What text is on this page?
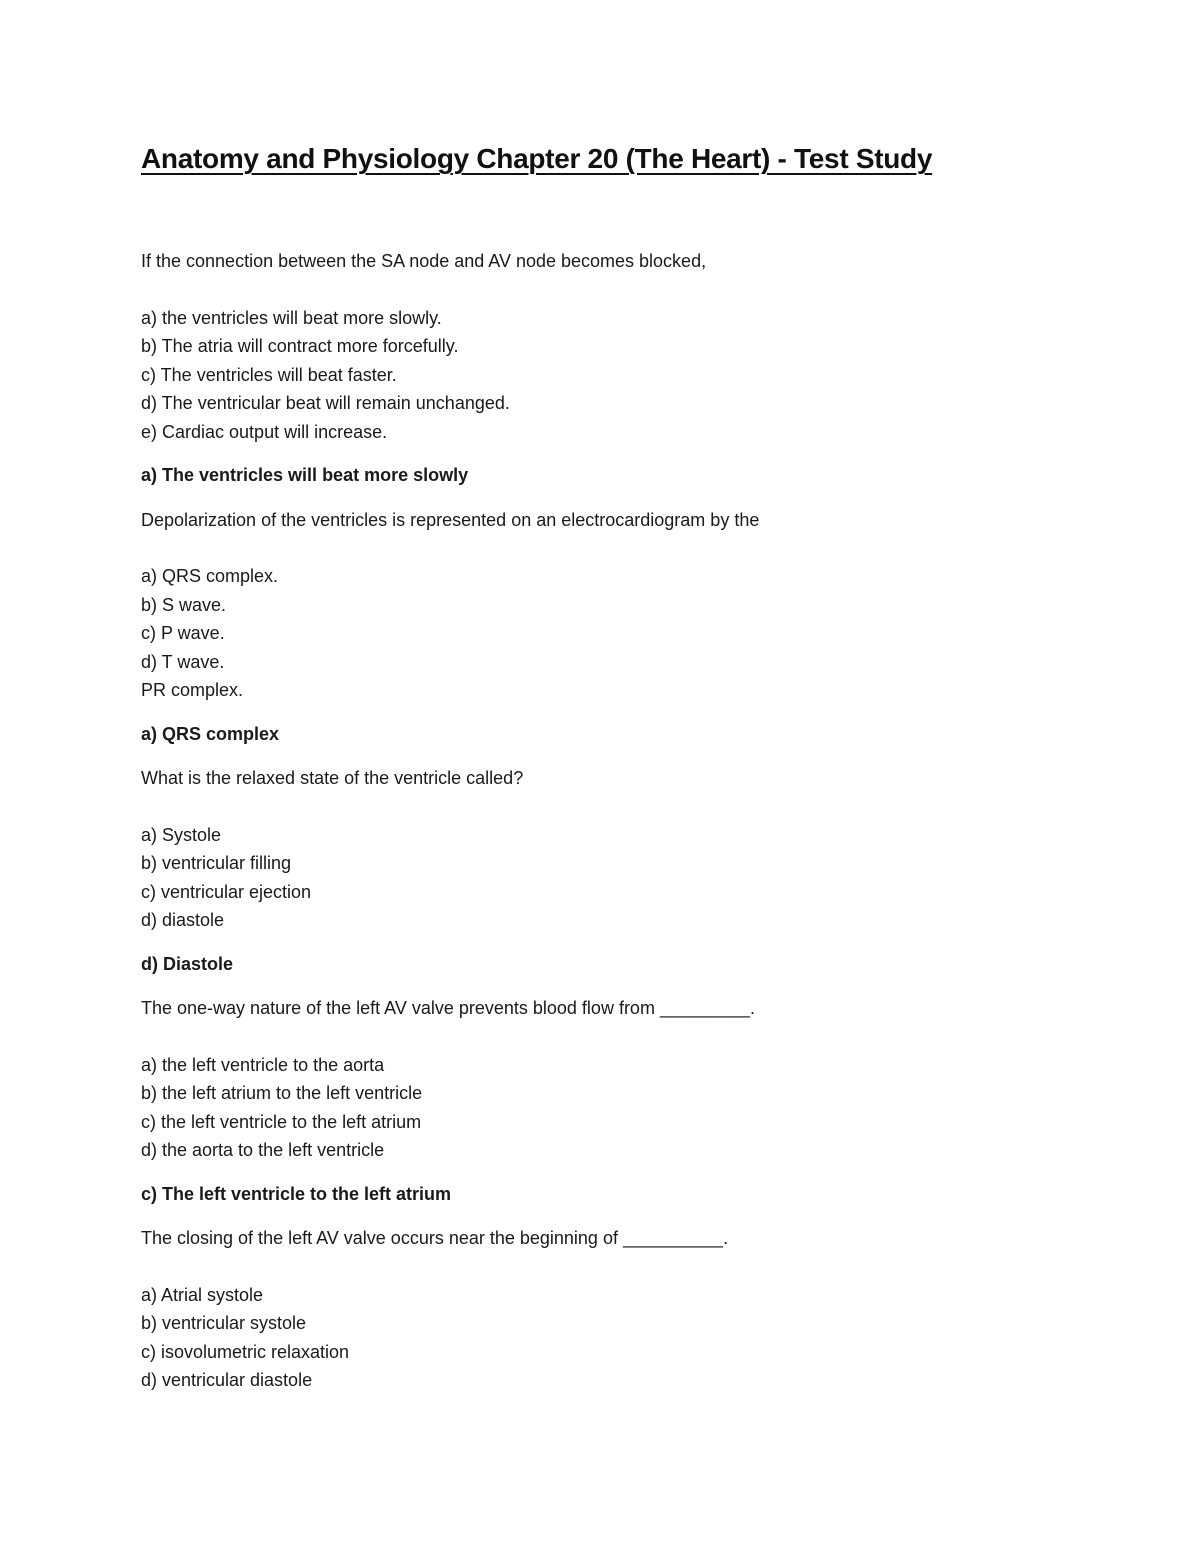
Anatomy and Physiology Chapter 20 (The Heart) - Test Study
If the connection between the SA node and AV node becomes blocked,
a) the ventricles will beat more slowly.
b) The atria will contract more forcefully.
c) The ventricles will beat faster.
d) The ventricular beat will remain unchanged.
e) Cardiac output will increase.
a) The ventricles will beat more slowly
Depolarization of the ventricles is represented on an electrocardiogram by the
a) QRS complex.
b) S wave.
c) P wave.
d) T wave.
PR complex.
a) QRS complex
What is the relaxed state of the ventricle called?
a) Systole
b) ventricular filling
c) ventricular ejection
d) diastole
d) Diastole
The one-way nature of the left AV valve prevents blood flow from _________.
a) the left ventricle to the aorta
b) the left atrium to the left ventricle
c) the left ventricle to the left atrium
d) the aorta to the left ventricle
c) The left ventricle to the left atrium
The closing of the left AV valve occurs near the beginning of __________.
a) Atrial systole
b) ventricular systole
c) isovolumetric relaxation
d) ventricular diastole
